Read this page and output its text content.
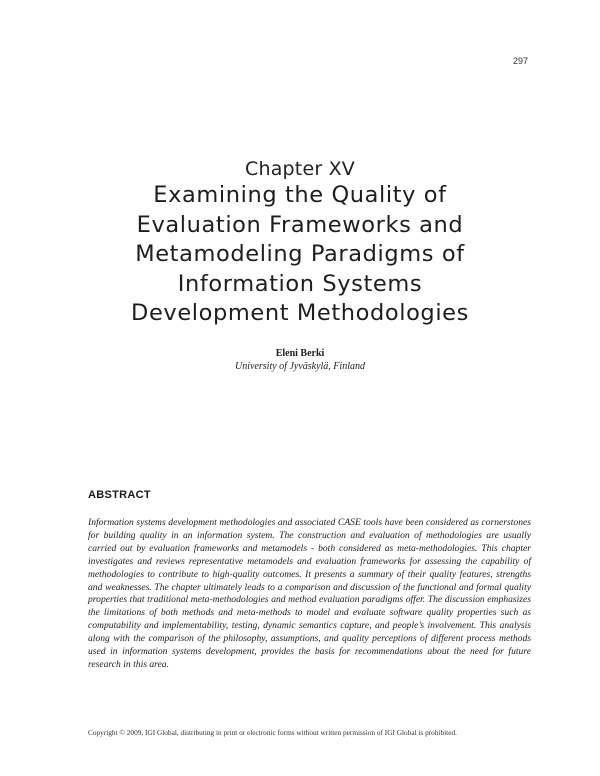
297
Chapter XV
Examining the Quality of
Evaluation Frameworks and
Metamodeling Paradigms of
Information Systems
Development Methodologies
Eleni Berki
University of Jyväskylä, Finland
ABSTRACT
Information systems development methodologies and associated CASE tools have been considered as cornerstones for building quality in an information system. The construction and evaluation of methodologies are usually carried out by evaluation frameworks and metamodels - both considered as meta-methodologies. This chapter investigates and reviews representative metamodels and evaluation frameworks for assessing the capability of methodologies to contribute to high-quality outcomes. It presents a summary of their quality features, strengths and weaknesses. The chapter ultimately leads to a comparison and discussion of the functional and formal quality properties that traditional meta-methodologies and method evaluation paradigms offer. The discussion emphasizes the limitations of both methods and meta-methods to model and evaluate software quality properties such as computability and implementability, testing, dynamic semantics capture, and people’s involvement. This analysis along with the comparison of the philosophy, assumptions, and quality perceptions of different process methods used in information systems development, provides the basis for recommendations about the need for future research in this area.
Copyright © 2009, IGI Global, distributing in print or electronic forms without written permission of IGI Global is prohibited.
